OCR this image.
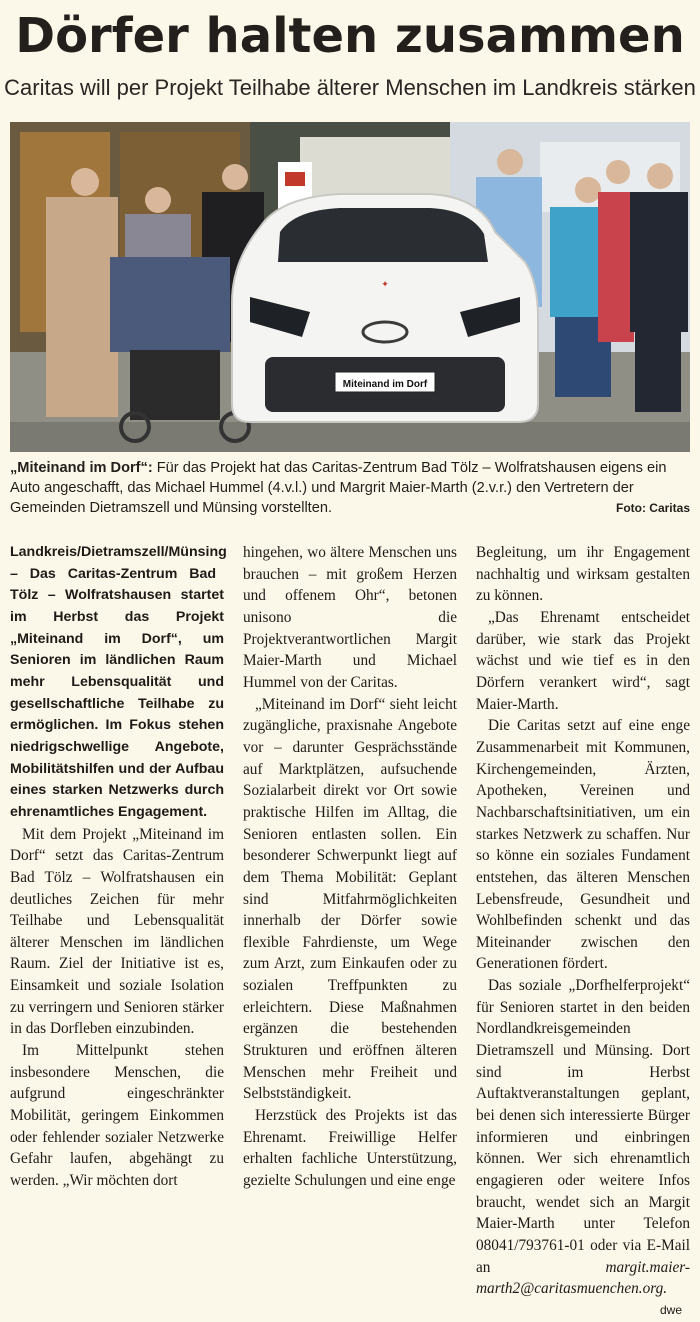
Dörfer halten zusammen
Caritas will per Projekt Teilhabe älterer Menschen im Landkreis stärken
Miteinand im Dorf
✦
„Miteinand im Dorf“: Für das Projekt hat das Caritas-Zentrum Bad Tölz – Wolfratshausen eigens ein Auto angeschafft, das Michael Hummel (4.v.l.) und Margrit Maier-Marth (2.v.r.) den Vertretern der Gemeinden Dietramszell und Münsing vorstellten.	Foto: Caritas

Landkreis/Dietramszell/Münsing – Das Caritas-Zentrum Bad Tölz – Wolfratshausen startet im Herbst das Projekt „Miteinand im Dorf“, um Senioren im ländlichen Raum mehr Lebensqualität und gesellschaftliche Teilhabe zu ermöglichen. Im Fokus stehen niedrigschwellige Angebote, Mobilitätshilfen und der Aufbau eines starken Netzwerks durch ehrenamtliches Engagement.

Mit dem Projekt „Miteinand im Dorf“ setzt das Caritas-Zentrum Bad Tölz – Wolfratshausen ein deutliches Zeichen für mehr Teilhabe und Lebensqualität älterer Menschen im ländlichen Raum. Ziel der Initiative ist es, Einsamkeit und soziale Isolation zu verringern und Senioren stärker in das Dorfleben einzubinden.

Im Mittelpunkt stehen insbesondere Menschen, die aufgrund eingeschränkter Mobilität, geringem Einkommen oder fehlender sozialer Netzwerke Gefahr laufen, abgehängt zu werden. „Wir möchten dort

hingehen, wo ältere Menschen uns brauchen – mit großem Herzen und offenem Ohr“, betonen unisono die Projektverantwortlichen Margit Maier-Marth und Michael Hummel von der Caritas.

„Miteinand im Dorf“ sieht leicht zugängliche, praxisnahe Angebote vor – darunter Gesprächsstände auf Marktplätzen, aufsuchende Sozialarbeit direkt vor Ort sowie praktische Hilfen im Alltag, die Senioren entlasten sollen. Ein besonderer Schwerpunkt liegt auf dem Thema Mobilität: Geplant sind Mitfahrmöglichkeiten innerhalb der Dörfer sowie flexible Fahrdienste, um Wege zum Arzt, zum Einkaufen oder zu sozialen Treffpunkten zu erleichtern. Diese Maßnahmen ergänzen die bestehenden Strukturen und eröffnen älteren Menschen mehr Freiheit und Selbstständigkeit.

Herzstück des Projekts ist das Ehrenamt. Freiwillige Helfer erhalten fachliche Unterstützung, gezielte Schulungen und eine enge

Begleitung, um ihr Engagement nachhaltig und wirksam gestalten zu können.

„Das Ehrenamt entscheidet darüber, wie stark das Projekt wächst und wie tief es in den Dörfern verankert wird“, sagt Maier-Marth.

Die Caritas setzt auf eine enge Zusammenarbeit mit Kommunen, Kirchengemeinden, Ärzten, Apotheken, Vereinen und Nachbarschaftsinitiativen, um ein starkes Netzwerk zu schaffen. Nur so könne ein soziales Fundament entstehen, das älteren Menschen Lebensfreude, Gesundheit und Wohlbefinden schenkt und das Miteinander zwischen den Generationen fördert.

Das soziale „Dorfhelferprojekt“ für Senioren startet in den beiden Nordlandkreisgemeinden Dietramszell und Münsing. Dort sind im Herbst Auftaktveranstaltungen geplant, bei denen sich interessierte Bürger informieren und einbringen können. Wer sich ehrenamtlich engagieren oder weitere Infos braucht, wendet sich an Margit Maier-Marth unter Telefon 08041/793761-01 oder via E-Mail an margit.maier-marth2@caritasmuenchen.org.
dwe
